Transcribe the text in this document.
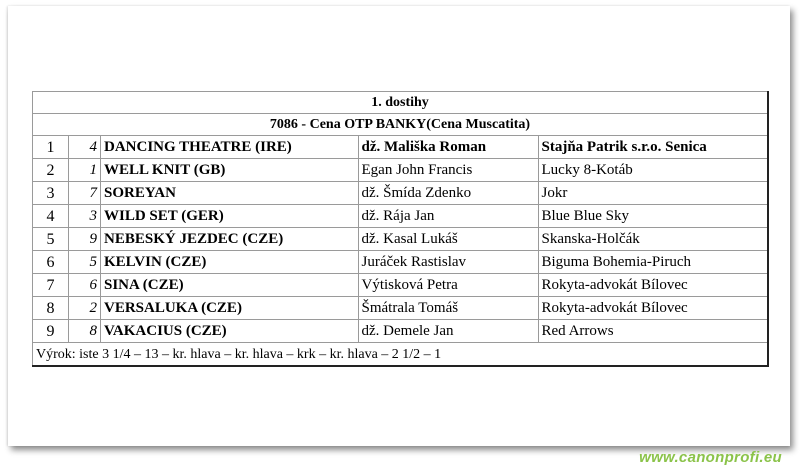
1. dostihy				
7086 - Cena OTP BANKY(Cena Muscatita)				
1	4	DANCING THEATRE (IRE)	dž. Mališka Roman	Stajňa Patrik s.r.o. Senica
2	1	WELL KNIT (GB)	Egan John Francis	Lucky 8-Kotáb
3	7	SOREYAN	dž. Šmída Zdenko	Jokr
4	3	WILD SET (GER)	dž. Rája Jan	Blue Blue Sky
5	9	NEBESKÝ JEZDEC (CZE)	dž. Kasal Lukáš	Skanska-Holčák
6	5	KELVIN (CZE)	Juráček Rastislav	Biguma Bohemia-Piruch
7	6	SINA (CZE)	Výtisková Petra	Rokyta-advokát Bílovec
8	2	VERSALUKA (CZE)	Šmátrala Tomáš	Rokyta-advokát Bílovec
9	8	VAKACIUS (CZE)	dž. Demele Jan	Red Arrows
Výrok: iste 3 1/4 – 13 – kr. hlava – kr. hlava – krk – kr. hlava – 2 1/2 – 1				
www.canonprofi.eu
